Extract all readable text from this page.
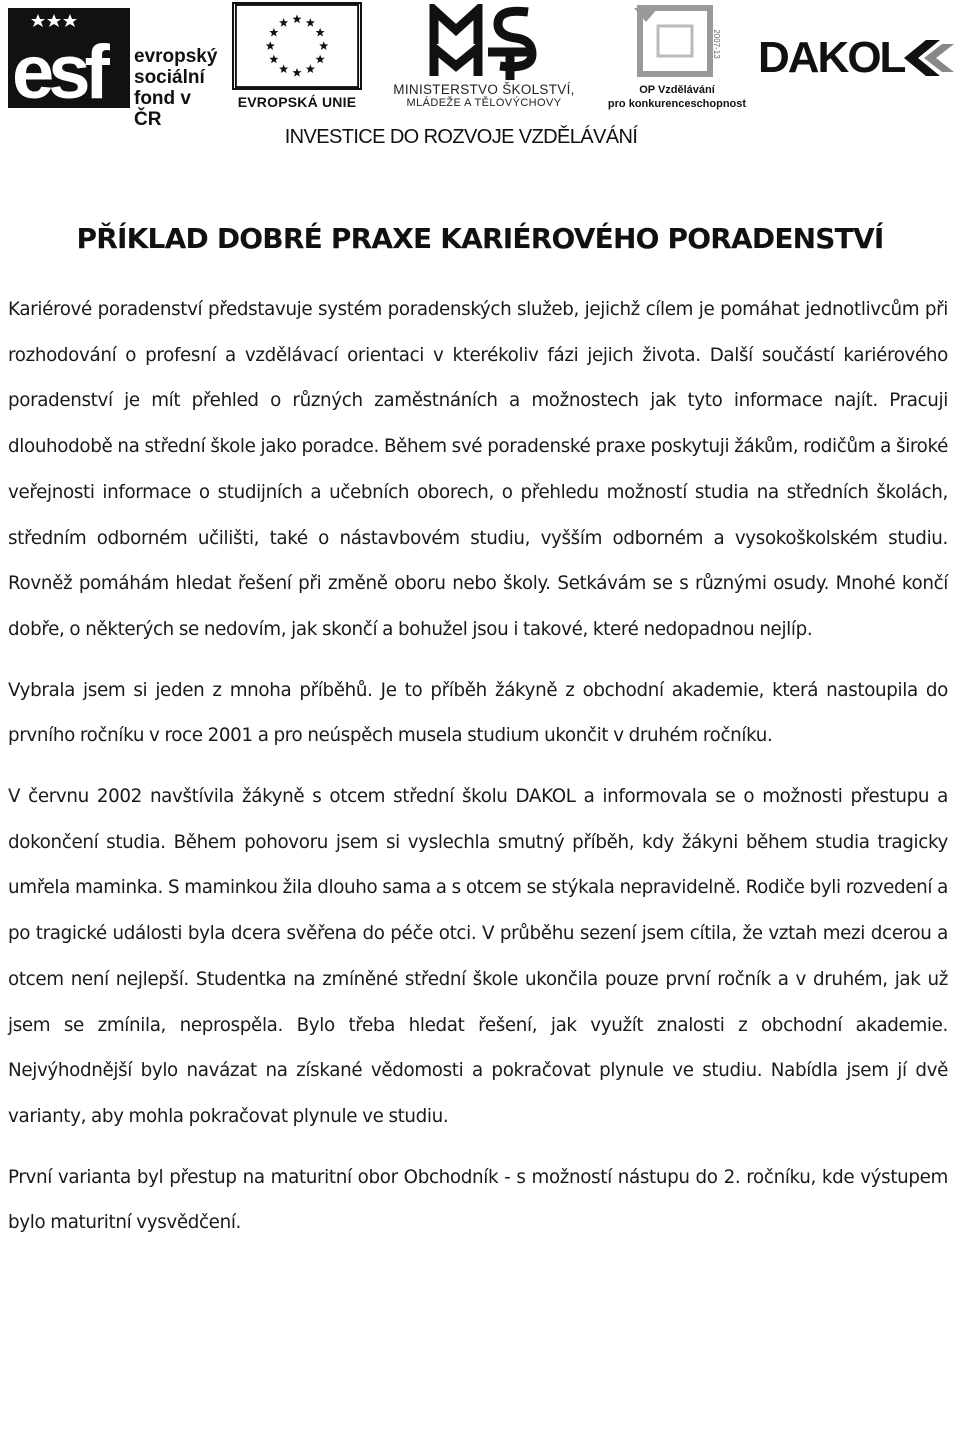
esf	evropský
sociální
fond v ČR
EVROPSKÁ UNIE
MINISTERSTVO ŠKOLSTVÍ,
MLÁDEŽE A TĚLOVÝCHOVY
2007-13
OP Vzdělávání
pro konkurenceschopnost
DAKOL
INVESTICE DO ROZVOJE VZDĚLÁVÁNÍ
PŘÍKLAD DOBRÉ PRAXE KARIÉROVÉHO PORADENSTVÍ

Kariérové poradenství představuje systém poradenských služeb, jejichž cílem je pomáhat jednotlivcům při rozhodování o profesní a vzdělávací orientaci v kterékoliv fázi jejich života. Další součástí kariérového poradenství je mít přehled o různých zaměstnáních a možnostech jak tyto informace najít. Pracuji dlouhodobě na střední škole jako poradce. Během své poradenské praxe poskytuji žákům, rodičům a široké veřejnosti informace o studijních a učebních oborech, o přehledu možností studia na středních školách, středním odborném učilišti, také o nástavbovém studiu, vyšším odborném a vysokoškolském studiu. Rovněž pomáhám hledat řešení při změně oboru nebo školy. Setkávám se s různými osudy. Mnohé končí dobře, o některých se nedovím, jak skončí a bohužel jsou i takové, které nedopadnou nejlíp.

Vybrala jsem si jeden z mnoha příběhů. Je to příběh žákyně z obchodní akademie, která nastoupila do prvního ročníku v roce 2001 a pro neúspěch musela studium ukončit v druhém ročníku.

V červnu 2002 navštívila žákyně s otcem střední školu DAKOL a informovala se o možnosti přestupu a dokončení studia. Během pohovoru jsem si vyslechla smutný příběh, kdy žákyni během studia tragicky umřela maminka. S maminkou žila dlouho sama a s otcem se stýkala nepravidelně. Rodiče byli rozvedení a po tragické události byla dcera svěřena do péče otci. V průběhu sezení jsem cítila, že vztah mezi dcerou a otcem není nejlepší. Studentka na zmíněné střední škole ukončila pouze první ročník a v druhém, jak už jsem se zmínila, neprospěla. Bylo třeba hledat řešení, jak využít znalosti z obchodní akademie. Nejvýhodnější bylo navázat na získané vědomosti a pokračovat plynule ve studiu. Nabídla jsem jí dvě varianty, aby mohla pokračovat plynule ve studiu.

První varianta byl přestup na maturitní obor Obchodník - s možností nástupu do 2. ročníku, kde výstupem bylo maturitní vysvědčení.
